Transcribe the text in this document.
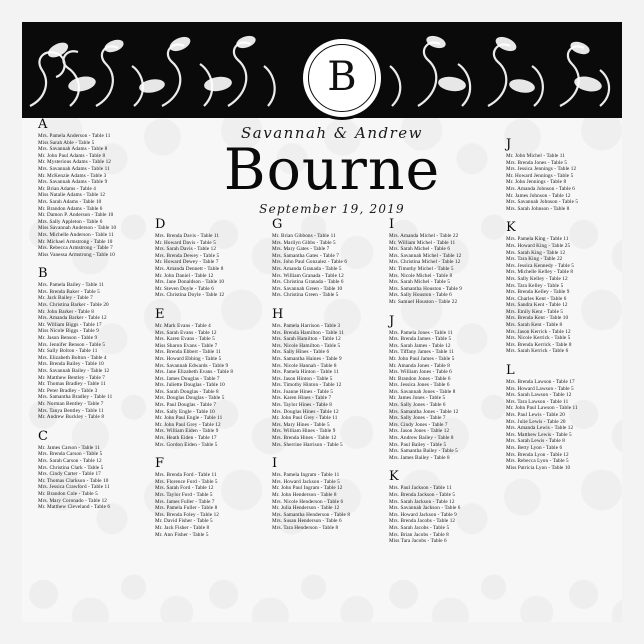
B
Savannah & Andrew
Bourne
September 19, 2019
A
Mrs. Pamela Anderson - Table 11
Miss Sarah Able - Table 5
Mrs. Savannah Adams - Table 8
Mr. John Paul Adams - Table 8
Mr. Mysterious Adams - Table 12
Mrs. Savannah Adams - Table 11
Mr. McKenzie Adams - Table 3
Mrs. Savannah Adams - Table 9
Mr. Brian Adams - Table 4
Miss Natalie Adams - Table 12
Mrs. Sarah Adams - Table 10
Mr. Brandon Adams - Table 6
Mr. Damon P. Anderson - Table 10
Mrs. Sally Appleton - Table 6
Miss Savannah Anderson - Table 10
Mrs. Michelle Anderson - Table 11
Mr. Michael Armstrong - Table 10
Mrs. Rebecca Armstrong - Table 7
Miss Vanessa Armstrong - Table 10
B
Mrs. Pamela Bailey - Table 11
Mrs. Brenda Baker - Table 5
Mr. Jack Bailey - Table 7
Mrs. Christina Barker - Table 20
Mr. John Barker - Table 8
Mrs. Amanda Barker - Table 12
Mr. William Biggs - Table 17
Miss Nicole Biggs - Table 9
Mr. Jason Benson - Table 9
Mrs. Jennifer Benson - Table 5
Mr. Sally Bolton - Table 11
Mrs. Elizabeth Bolton - Table 4
Mrs. Brenda Bailey - Table 10
Mrs. Savannah Bailey - Table 12
Mr. Matthew Bentley - Table 7
Mr. Thomas Bradley - Table 11
Mr. Peter Bradley - Table 3
Mrs. Samantha Bradley - Table 11
Mr. Norman Bentley - Table 7
Mrs. Tanya Bentley - Table 11
Mr. Andrew Buckley - Table 8
C
Mr. James Carson - Table 11
Mrs. Brenda Carson - Table 5
Mrs. Sarah Carson - Table 12
Mrs. Christina Clark - Table 5
Mrs. Cindy Carter - Table 17
Mr. Thomas Clarkson - Table 10
Mrs. Jessica Crawford - Table 11
Mr. Brandon Cole - Table 5
Mrs. Mary Coronado - Table 12
Mr. Matthew Cleveland - Table 6
D
Mrs. Brenda Davis - Table 11
Mr. Howard Davis - Table 5
Mrs. Sarah Davis - Table 12
Mrs. Brenda Dewey - Table 5
Mr. Howard Dewey - Table 7
Mrs. Amanda Dennett - Table 8
Mr. John Daniel - Table 12
Mrs. Jane Donaldson - Table 10
Mr. Steven Doyle - Table 6
Mrs. Christina Doyle - Table 12
E
Mr. Mark Evans - Table 4
Mrs. Sarah Evans - Table 12
Mrs. Karen Evans - Table 5
Miss Sharon Evans - Table 7
Mrs. Brenda Ebbert - Table 11
Mrs. Howard Ebbing - Table 5
Mrs. Savannah Edwards - Table 9
Mrs. Jane Elizabeth Evans - Table 8
Mrs. James Douglas - Table 7
Mrs. Juliette Douglas - Table 10
Mrs. Sarah Douglas - Table 8
Mrs. Douglas Douglas - Table 5
Mrs. Paul Douglas - Table 7
Mrs. Sally Engle - Table 10
Mr. John Paul Engle - Table 11
Mr. John Paul Grey - Table 12
Mrs. William Eiden - Table 9
Mrs. Heath Eiden - Table 17
Mrs. Gordon Eiden - Table 5
F
Mrs. Brenda Ford - Table 11
Mrs. Florence Ford - Table 5
Mrs. Sarah Ford - Table 12
Mrs. Taylor Ford - Table 5
Mrs. James Fuller - Table 7
Mrs. Pamela Fuller - Table 8
Mrs. Brenda Foley - Table 12
Mr. David Fisher - Table 5
Mr. Jack Fisher - Table 8
Mr. Ann Fisher - Table 5
G
Mr. Brian Gibbons - Table 11
Mrs. Marilyn Gibbs - Table 5
Mrs. Mary Gates - Table 7
Mrs. Samantha Gates - Table 7
Mrs. John Paul Gonzalez - Table 6
Mrs. Amanda Granada - Table 5
Mrs. William Granada - Table 12
Mrs. Christina Granada - Table 6
Mrs. Savannah Green - Table 10
Mrs. Christina Green - Table 5
H
Mrs. Pamela Harrison - Table 3
Mrs. Brenda Hamilton - Table 11
Mrs. Sarah Hamilton - Table 12
Mrs. Nicole Hamilton - Table 5
Mrs. Sally Hines - Table 6
Mrs. Samantha Haines - Table 9
Mrs. Nicole Hannah - Table 8
Mrs. Pamela Hinton - Table 11
Mrs. Jason Hinton - Table 5
Mrs. Timothy Hinton - Table 12
Mrs. Joanne Hines - Table 5
Mrs. Karen Hines - Table 7
Mrs. Taylor Hines - Table 8
Mrs. Douglas Hines - Table 12
Mr. John Paul Grey - Table 11
Mrs. Mary Hines - Table 5
Mrs. William Hines - Table 9
Mrs. Brenda Hines - Table 12
Mrs. Sherrine Harrison - Table 5
I
Mrs. Pamela Ingram - Table 11
Mrs. Howard Jackson - Table 5
Mr. John Paul Ingram - Table 12
Mr. John Henderson - Table 8
Mrs. Nicole Henderson - Table 6
Mr. Julia Henderson - Table 12
Mrs. Samantha Henderson - Table 8
Mrs. Susan Henderson - Table 6
Mrs. Tara Henderson - Table 8
I
Mrs. Amanda Michel - Table 22
Mr. William Michel - Table 11
Mrs. Sarah Michel - Table 6
Mrs. Savannah Michel - Table 12
Mrs. Christina Michel - Table 12
Mr. Timothy Michel - Table 5
Mrs. Nicole Michel - Table 8
Mrs. Sarah Michel - Table 5
Mrs. Samantha Houston - Table 9
Mrs. Sally Houston - Table 6
Mr. Samuel Houston - Table 22
J
Mrs. Pamela Jones - Table 11
Mrs. Brenda James - Table 5
Mrs. Sarah James - Table 12
Mrs. Tiffany James - Table 11
Mr. John Paul James - Table 5
Mr. Amanda Jones - Table 8
Mrs. William Jones - Table 6
Mr. Brandon Jones - Table 6
Mrs. Jessica Jones - Table 6
Mrs. Savannah Jones - Table 8
Mr. James Jones - Table 5
Mrs. Sally Jones - Table 6
Mrs. Samantha Jones - Table 12
Mrs. Sally Jones - Table 7
Mrs. Cindy Jones - Table 7
Mrs. Jason Jones - Table 12
Mrs. Andrew Bailey - Table 8
Mrs. Paul Bailey - Table 5
Mrs. Samantha Bailey - Table 5
Mrs. James Bailey - Table 8
K
Mrs. Paul Jackson - Table 11
Mrs. Brenda Jackson - Table 5
Mrs. Sarah Jackson - Table 12
Mrs. Savannah Jackson - Table 6
Mrs. Howard Jackson - Table 9
Mrs. Brenda Jacobs - Table 12
Mrs. Sarah Jacobs - Table 5
Mrs. Brian Jacobs - Table 8
Miss Tara Jacobs - Table 6
J
Mr. John Michel - Table 11
Mrs. Brenda Jones - Table 5
Mrs. Jessica Jennings - Table 12
Mr. Howard Jennings - Table 5
Mr. John Jennings - Table 8
Mrs. Amanda Johnson - Table 6
Mr. James Johnson - Table 12
Mrs. Savannah Johnson - Table 5
Mrs. Sarah Johnson - Table 8
K
Mrs. Pamela King - Table 11
Mrs. Howard King - Table 25
Mrs. Sarah King - Table 12
Mrs. Tara King - Table 22
Mrs. Jessica Kennedy - Table 5
Mrs. Michelle Kelley - Table 8
Mrs. Sally Kelley - Table 12
Mrs. Tara Kelley - Table 5
Mrs. Brenda Kelley - Table 9
Mrs. Charles Kent - Table 6
Mrs. Sandra Kent - Table 12
Mrs. Emily Kent - Table 5
Mrs. Brenda Kent - Table 10
Mrs. Sarah Kent - Table 8
Mrs. Jason Kerrick - Table 12
Mrs. Nicole Kerrick - Table 5
Mrs. Brenda Kerrick - Table 8
Mrs. Sarah Kerrick - Table 6
L
Mrs. Brenda Lawson - Table 17
Mrs. Howard Lawson - Table 5
Mrs. Sarah Lawson - Table 12
Mrs. Tara Lawson - Table 11
Mr. John Paul Lawson - Table 11
Mrs. Paul Lewis - Table 20
Mrs. Julie Lewis - Table 20
Mrs. Amanda Lewis - Table 12
Mrs. Matthew Lewis - Table 5
Mrs. Sarah Lewis - Table 8
Mrs. Betty Lyon - Table 6
Mrs. Brenda Lyon - Table 12
Mrs. Rebecca Lyon - Table 5
Miss Patricia Lyon - Table 10
